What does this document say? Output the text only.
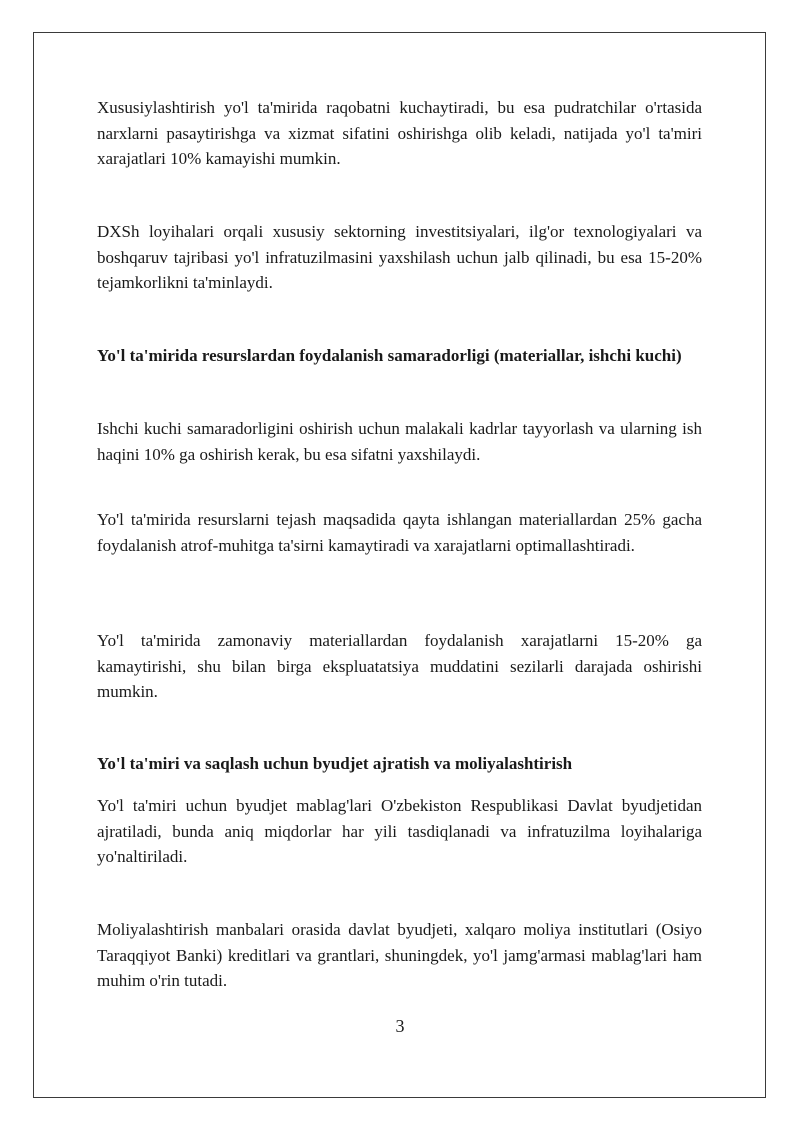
Xususiylashtirish yo'l ta'mirida raqobatni kuchaytiradi, bu esa pudratchilar o'rtasida narxlarni pasaytirishga va xizmat sifatini oshirishga olib keladi, natijada yo'l ta'miri xarajatlari 10% kamayishi mumkin.

DXSh loyihalari orqali xususiy sektorning investitsiyalari, ilg'or texnologiyalari va boshqaruv tajribasi yo'l infratuzilmasini yaxshilash uchun jalb qilinadi, bu esa 15-20% tejamkorlikni ta'minlaydi.

Yo'l ta'mirida resurslardan foydalanish samaradorligi (materiallar, ishchi kuchi)

Ishchi kuchi samaradorligini oshirish uchun malakali kadrlar tayyorlash va ularning ish haqini 10% ga oshirish kerak, bu esa sifatni yaxshilaydi.

Yo'l ta'mirida resurslarni tejash maqsadida qayta ishlangan materiallardan 25% gacha foydalanish atrof-muhitga ta'sirni kamaytiradi va xarajatlarni optimallashtiradi.

Yo'l ta'mirida zamonaviy materiallardan foydalanish xarajatlarni 15-20% ga kamaytirishi, shu bilan birga ekspluatatsiya muddatini sezilarli darajada oshirishi mumkin.

Yo'l ta'miri va saqlash uchun byudjet ajratish va moliyalashtirish

Yo'l ta'miri uchun byudjet mablag'lari O'zbekiston Respublikasi Davlat byudjetidan ajratiladi, bunda aniq miqdorlar har yili tasdiqlanadi va infratuzilma loyihalariga yo'naltiriladi.

Moliyalashtirish manbalari orasida davlat byudjeti, xalqaro moliya institutlari (Osiyo Taraqqiyot Banki) kreditlari va grantlari, shuningdek, yo'l jamg'armasi mablag'lari ham muhim o'rin tutadi.

3
